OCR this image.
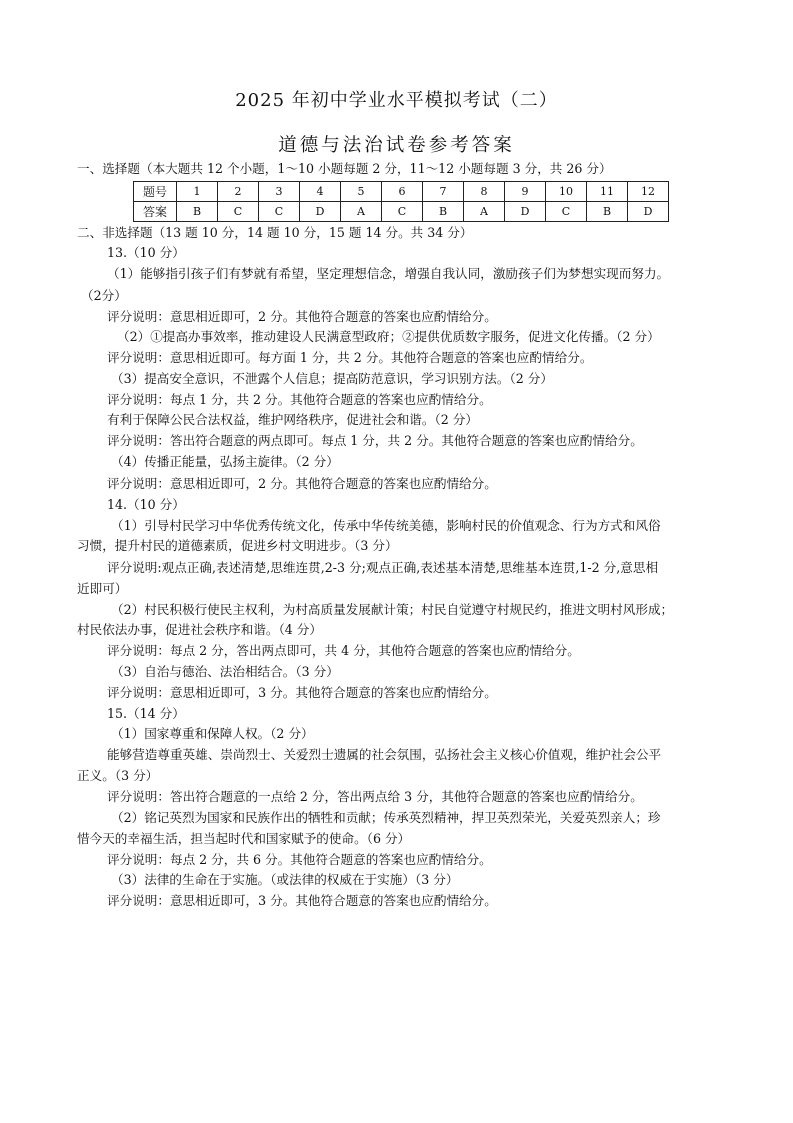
2025 年初中学业水平模拟考试（二）
道德与法治试卷参考答案
一、选择题（本大题共 12 个小题，1～10 小题每题 2 分，11～12 小题每题 3 分，共 26 分）
题号	1	2	3	4	5	6	7	8	9	10	11	12
答案	B	C	C	D	A	C	B	A	D	C	B	D
二、非选择题（13 题 10 分，14 题 10 分，15 题 14 分。共 34 分）
13.（10 分）
（1）能够指引孩子们有梦就有希望，坚定理想信念，增强自我认同，激励孩子们为梦想实现而努力。
（2分）
评分说明：意思相近即可，2 分。其他符合题意的答案也应酌情给分。
（2）①提高办事效率，推动建设人民满意型政府；②提供优质数字服务，促进文化传播。（2 分）
评分说明：意思相近即可。每方面 1 分，共 2 分。其他符合题意的答案也应酌情给分。
（3）提高安全意识，不泄露个人信息；提高防范意识，学习识别方法。（2 分）
评分说明：每点 1 分，共 2 分。其他符合题意的答案也应酌情给分。
有利于保障公民合法权益，维护网络秩序，促进社会和谐。（2 分）
评分说明：答出符合题意的两点即可。每点 1 分，共 2 分。其他符合题意的答案也应酌情给分。
（4）传播正能量，弘扬主旋律。（2 分）
评分说明：意思相近即可，2 分。其他符合题意的答案也应酌情给分。
14.（10 分）
（1）引导村民学习中华优秀传统文化，传承中华传统美德，影响村民的价值观念、行为方式和风俗
习惯，提升村民的道德素质，促进乡村文明进步。（3 分）
评分说明:观点正确,表述清楚,思维连贯,2-3 分;观点正确,表述基本清楚,思维基本连贯,1-2 分,意思相
近即可）
（2）村民积极行使民主权利，为村高质量发展献计策；村民自觉遵守村规民约，推进文明村风形成；
村民依法办事，促进社会秩序和谐。（4 分）
评分说明：每点 2 分，答出两点即可，共 4 分，其他符合题意的答案也应酌情给分。
（3）自治与德治、法治相结合。（3 分）
评分说明：意思相近即可，3 分。其他符合题意的答案也应酌情给分。
15.（14 分）
（1）国家尊重和保障人权。（2 分）
能够营造尊重英雄、崇尚烈士、关爱烈士遗属的社会氛围，弘扬社会主义核心价值观，维护社会公平
正义。（3 分）
评分说明：答出符合题意的一点给 2 分，答出两点给 3 分，其他符合题意的答案也应酌情给分。
（2）铭记英烈为国家和民族作出的牺牲和贡献；传承英烈精神，捍卫英烈荣光，关爱英烈亲人；珍
惜今天的幸福生活，担当起时代和国家赋予的使命。（6 分）
评分说明：每点 2 分，共 6 分。其他符合题意的答案也应酌情给分。
（3）法律的生命在于实施。（或法律的权威在于实施）（3 分）
评分说明：意思相近即可，3 分。其他符合题意的答案也应酌情给分。
